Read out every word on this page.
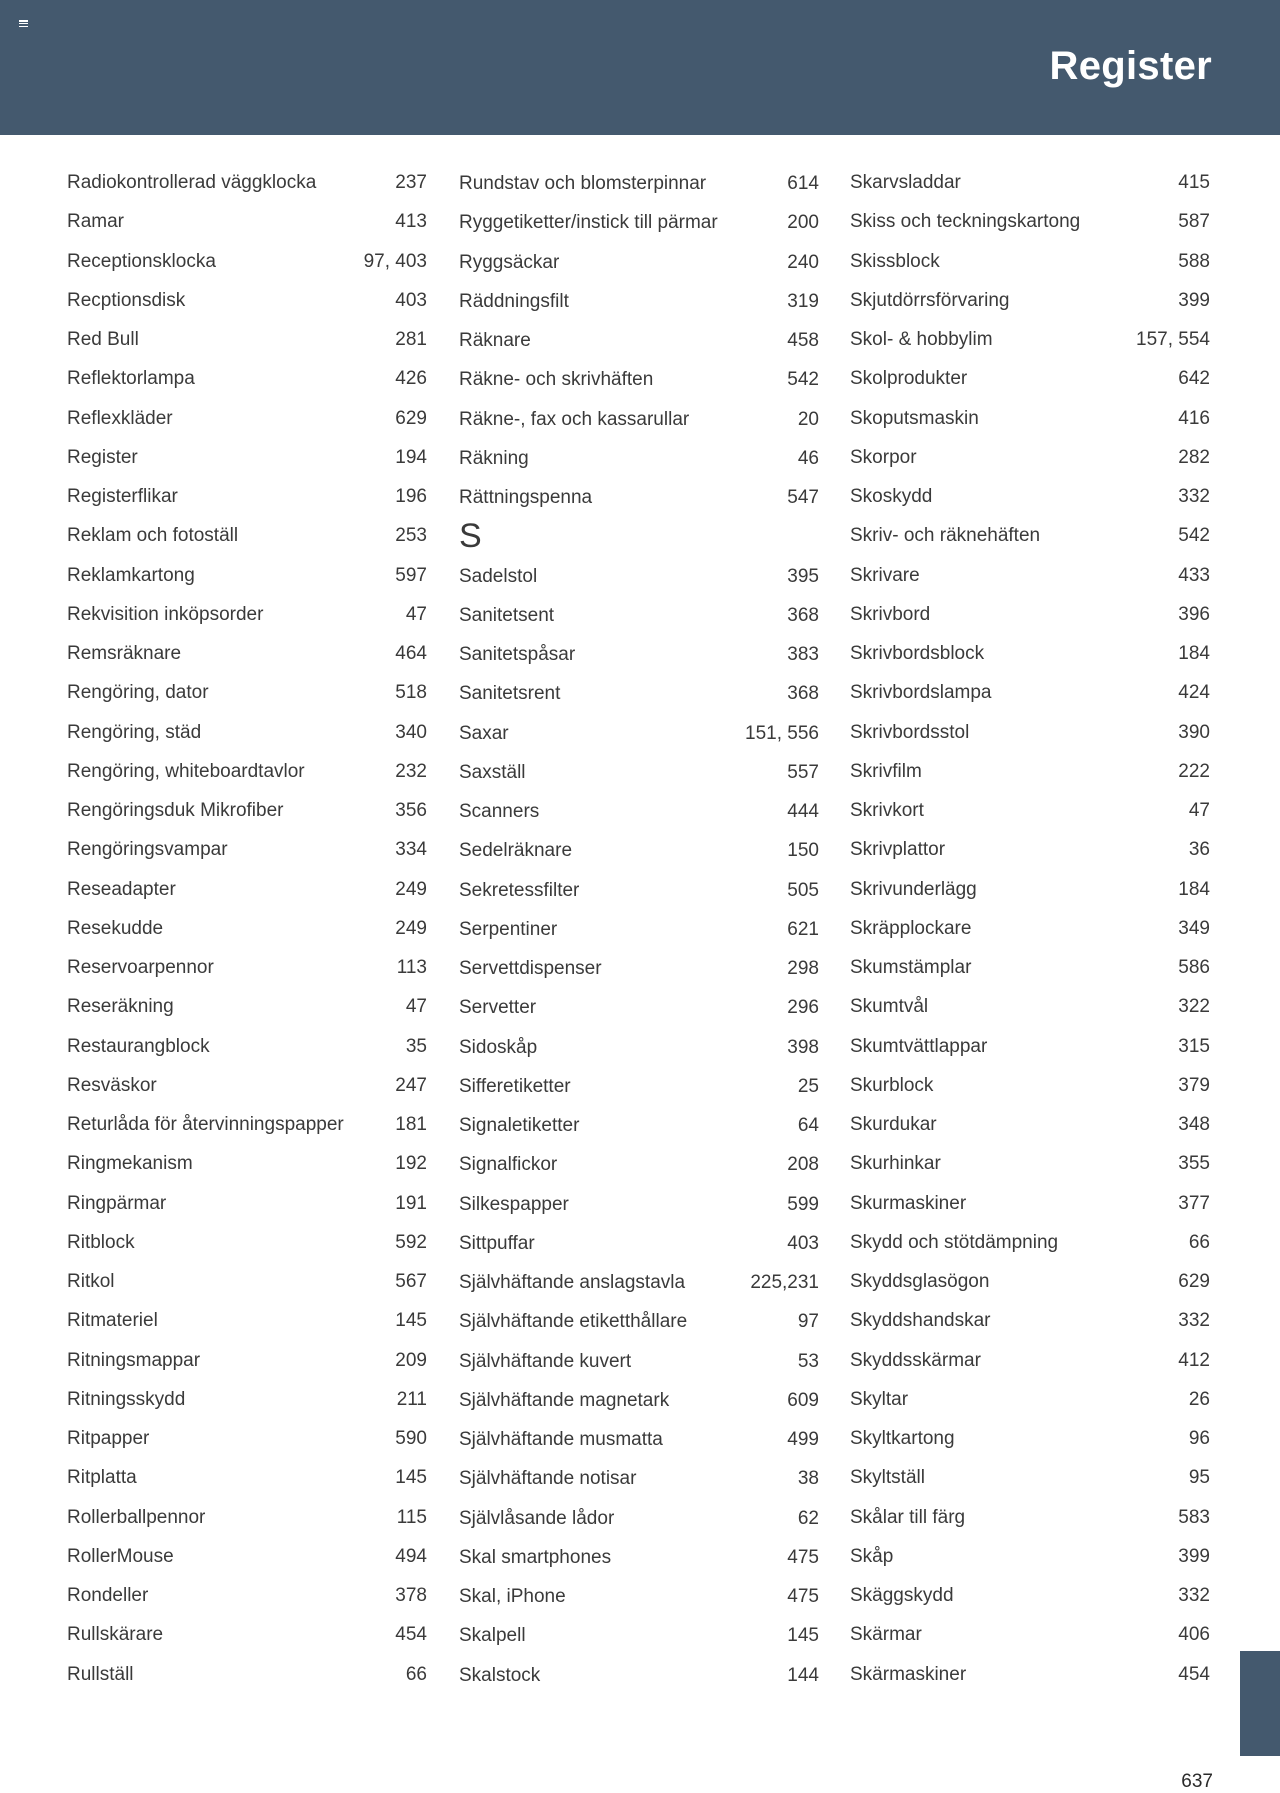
Register
Radiokontrollerad väggklocka	237
Ramar	413
Receptionsklocka	97, 403
Recptionsdisk	403
Red Bull	281
Reflektorlampa	426
Reflexkläder	629
Register	194
Registerflikar	196
Reklam och fotoställ	253
Reklamkartong	597
Rekvisition inköpsorder	47
Remsräknare	464
Rengöring, dator	518
Rengöring, städ	340
Rengöring, whiteboardtavlor	232
Rengöringsduk Mikrofiber	356
Rengöringsvampar	334
Reseadapter	249
Resekudde	249
Reservoarpennor	113
Reseräkning	47
Restaurangblock	35
Resväskor	247
Returlåda för återvinningspapper	181
Ringmekanism	192
Ringpärmar	191
Ritblock	592
Ritkol	567
Ritmateriel	145
Ritningsmappar	209
Ritningsskydd	211
Ritpapper	590
Ritplatta	145
Rollerballpennor	115
RollerMouse	494
Rondeller	378
Rullskärare	454
Rullställ	66
Rundstav och blomsterpinnar	614
Ryggetiketter/instick till pärmar	200
Ryggsäckar	240
Räddningsfilt	319
Räknare	458
Räkne- och skrivhäften	542
Räkne-, fax och kassarullar	20
Räkning	46
Rättningspenna	547
S
Sadelstol	395
Sanitetsent	368
Sanitetspåsar	383
Sanitetsrent	368
Saxar	151, 556
Saxställ	557
Scanners	444
Sedelräknare	150
Sekretessfilter	505
Serpentiner	621
Servettdispenser	298
Servetter	296
Sidoskåp	398
Sifferetiketter	25
Signaletiketter	64
Signalfickor	208
Silkespapper	599
Sittpuffar	403
Självhäftande anslagstavla	225,231
Självhäftande etiketthållare	97
Självhäftande kuvert	53
Självhäftande magnetark	609
Självhäftande musmatta	499
Självhäftande notisar	38
Självlåsande lådor	62
Skal smartphones	475
Skal, iPhone	475
Skalpell	145
Skalstock	144
Skarvsladdar	415
Skiss och teckningskartong	587
Skissblock	588
Skjutdörrsförvaring	399
Skol- & hobbylim	157, 554
Skolprodukter	642
Skoputsmaskin	416
Skorpor	282
Skoskydd	332
Skriv- och räknehäften	542
Skrivare	433
Skrivbord	396
Skrivbordsblock	184
Skrivbordslampa	424
Skrivbordsstol	390
Skrivfilm	222
Skrivkort	47
Skrivplattor	36
Skrivunderlägg	184
Skräpplockare	349
Skumstämplar	586
Skumtvål	322
Skumtvättlappar	315
Skurblock	379
Skurdukar	348
Skurhinkar	355
Skurmaskiner	377
Skydd och stötdämpning	66
Skyddsglasögon	629
Skyddshandskar	332
Skyddsskärmar	412
Skyltar	26
Skyltkartong	96
Skyltställ	95
Skålar till färg	583
Skåp	399
Skäggskydd	332
Skärmar	406
Skärmaskiner	454
637
